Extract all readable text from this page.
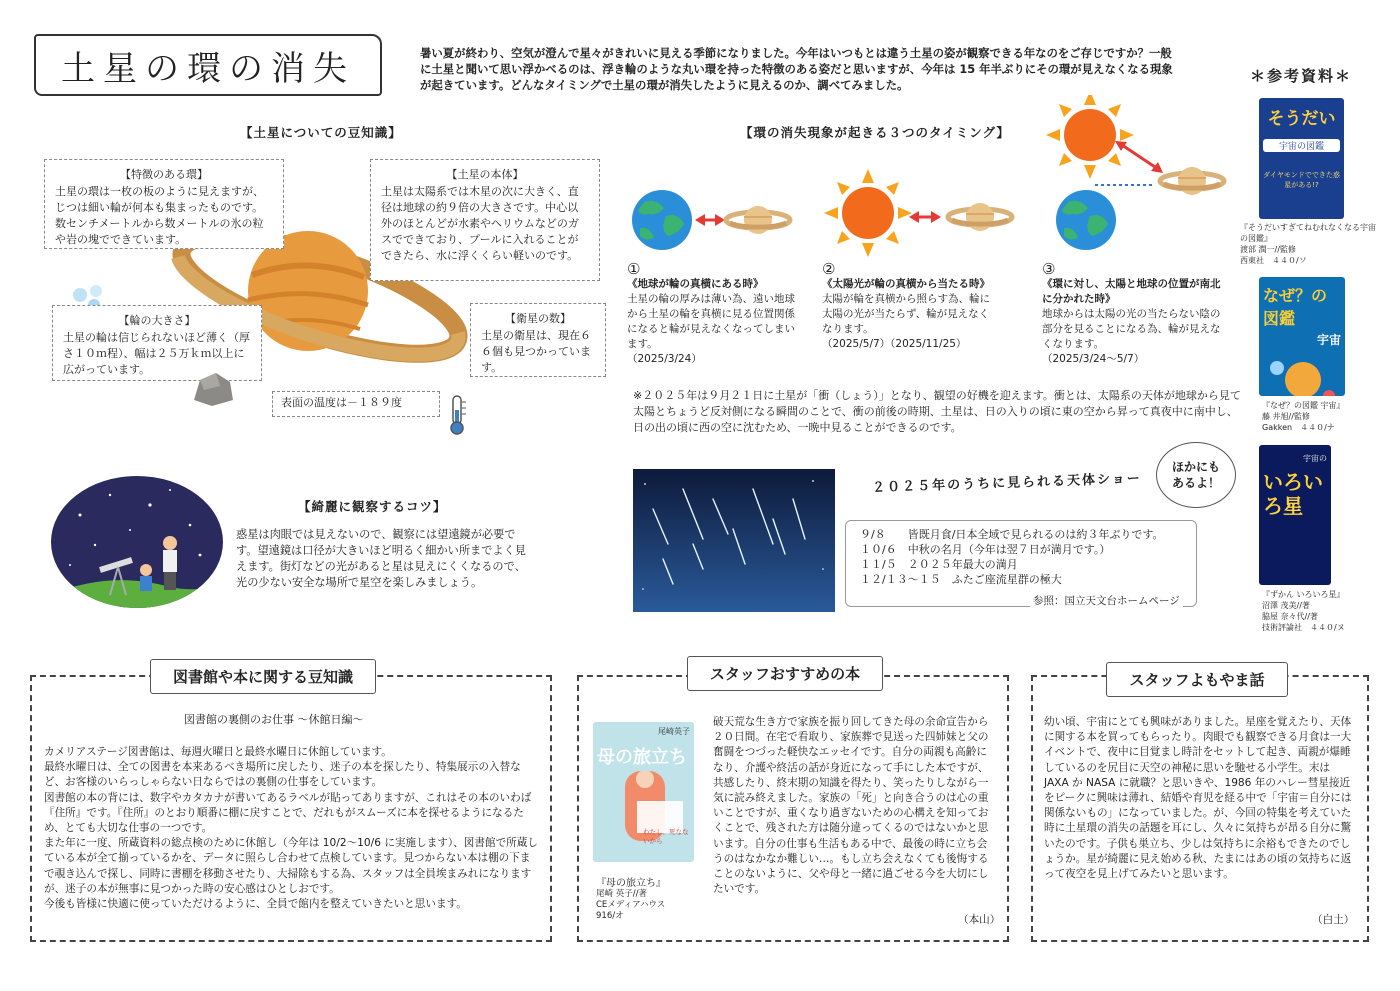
土星の環の消失	暑い夏が終わり、空気が澄んで星々がきれいに見える季節になりました。今年はいつもとは違う土星の姿が観察できる年なのをご存じですか？一般に土星と聞いて思い浮かべるのは、浮き輪のような丸い環を持った特徴のある姿だと思いますが、今年は 15 年半ぶりにその環が見えなくなる現象が起きています。どんなタイミングで土星の環が消失したように見えるのか、調べてみました。
【土星についての豆知識】
【特徴のある環】
土星の環は一枚の板のように見えますが、じつは細い輪が何本も集まったものです。数センチメートルから数メートルの氷の粒や岩の塊でできています。
【土星の本体】
土星は太陽系では木星の次に大きく、直径は地球の約９倍の大きさです。中心以外のほとんどが水素やヘリウムなどのガスでできており、プールに入れることができたら、水に浮くくらい軽いのです。
【輪の大きさ】
土星の輪は信じられないほど薄く（厚さ１０ｍ程）、幅は２５万ｋｍ以上に広がっています。
【衛星の数】
土星の衛星は、現在６６個も見つかっています。
表面の温度は－１８９度
【環の消失現象が起きる３つのタイミング】
①
《地球が輪の真横にある時》
土星の輪の厚みは薄い為、遠い地球から土星の輪を真横に見る位置関係になると輪が見えなくなってしまいます。
（2025/3/24）
②
《太陽光が輪の真横から当たる時》
太陽が輪を真横から照らす為、輪に太陽の光が当たらず、輪が見えなくなります。
（2025/5/7）（2025/11/25）
③
《環に対し、太陽と地球の位置が南北に分かれた時》
地球からは太陽の光の当たらない陰の部分を見ることになる為、輪が見えなくなります。
（2025/3/24～5/7）
※２０２５年は９月２１日に土星が「衝（しょう）」となり、観望の好機を迎えます。衝とは、太陽系の天体が地球から見て太陽とちょうど反対側になる瞬間のことで、衝の前後の時期、土星は、日の入りの頃に東の空から昇って真夜中に南中し、日の出の頃に西の空に沈むため、一晩中見ることができるのです。
【綺麗に観察するコツ】
惑星は肉眼では見えないので、観察には望遠鏡が必要です。望遠鏡は口径が大きいほど明るく細かい所までよく見えます。街灯などの光があると星は見えにくくなるので、光の少ない安全な場所で星空を楽しみましょう。
２０２５年のうちに見られる天体ショー
ほかにもあるよ！
９/８　　皆既月食/日本全域で見られるのは約３年ぶりです。
１０/６　中秋の名月（今年は翌７日が満月です。）
１１/５　２０２５年最大の満月
１２/１３～１５　ふたご座流星群の極大
参照：国立天文台ホームページ
＊参考資料＊
そうだい
宇宙の図鑑
ダイヤモンドでできた惑星がある!?
『そうだいすぎてねむれなくなる宇宙の図鑑』
渡部 潤一//監修
西東社　４４０/ソ
なぜ？の図鑑
宇宙
『なぜ？の図鑑 宇宙』
藤 井旭//監修
Gakken　４４０/ナ
宇宙の
いろいろ星
『ずかん いろいろ星』
沼澤 茂美//著
脇屋 奈々代//著
技術評論社　４４０/ヌ
図書館や本に関する豆知識
図書館の裏側のお仕事 ～休館日編～
カメリアステージ図書館は、毎週火曜日と最終水曜日に休館しています。
最終水曜日は、全ての図書を本来あるべき場所に戻したり、迷子の本を探したり、特集展示の入替など、お客様のいらっしゃらない日ならではの裏側の仕事をしています。
図書館の本の背には、数字やカタカナが書いてあるラベルが貼ってありますが、これはその本のいわば『住所』です。『住所』のとおり順番に棚に戻すことで、だれもがスムーズに本を探せるようになるため、とても大切な仕事の一つです。
また年に一度、所蔵資料の総点検のために休館し（今年は 10/2～10/6 に実施します）、図書館で所蔵している本が全て揃っているかを、データに照らし合わせて点検しています。見つからない本は棚の下まで覗き込んで探し、同時に書棚を移動させたり、大掃除もする為、スタッフは全員埃まみれになりますが、迷子の本が無事に見つかった時の安心感はひとしおです。
今後も皆様に快適に使っていただけるように、全員で館内を整えていきたいと思います。
スタッフおすすめの本
尾崎英子
母の旅立ち
わたし、死なないから
『母の旅立ち』
尾崎 英子//著
CEメディアハウス
916/オ
破天荒な生き方で家族を振り回してきた母の余命宣告から２０日間。在宅で看取り、家族葬で見送った四姉妹と父の奮闘をつづった軽快なエッセイです。自分の両親も高齢になり、介護や終活の話が身近になって手にした本ですが、共感したり、終末期の知識を得たり、笑ったりしながら一気に読み終えました。家族の「死」と向き合うのは心の重いことですが、重くなり過ぎないための心構えを知っておくことで、残された方は随分違ってくるのではないかと思います。自分の仕事も生活もある中で、最後の時に立ち会うのはなかなか難しい…。もし立ち会えなくても後悔することのないように、父や母と一緒に過ごせる今を大切にしたいです。
（本山）
スタッフよもやま話
幼い頃、宇宙にとても興味がありました。星座を覚えたり、天体に関する本を買ってもらったり。肉眼でも観察できる月食は一大イベントで、夜中に目覚まし時計をセットして起き、両親が爆睡しているのを尻目に天空の神秘に思いを馳せる小学生。末は JAXA か NASA に就職？と思いきや、1986 年のハレー彗星接近をピークに興味は薄れ、結婚や育児を経る中で「宇宙＝自分には関係ないもの」になっていました。が、今回の特集を考えていた時に土星環の消失の話題を耳にし、久々に気持ちが昂る自分に驚いたのです。子供も巣立ち、少しは気持ちに余裕もできたのでしょうか。星が綺麗に見え始める秋、たまにはあの頃の気持ちに返って夜空を見上げてみたいと思います。
（白土）
